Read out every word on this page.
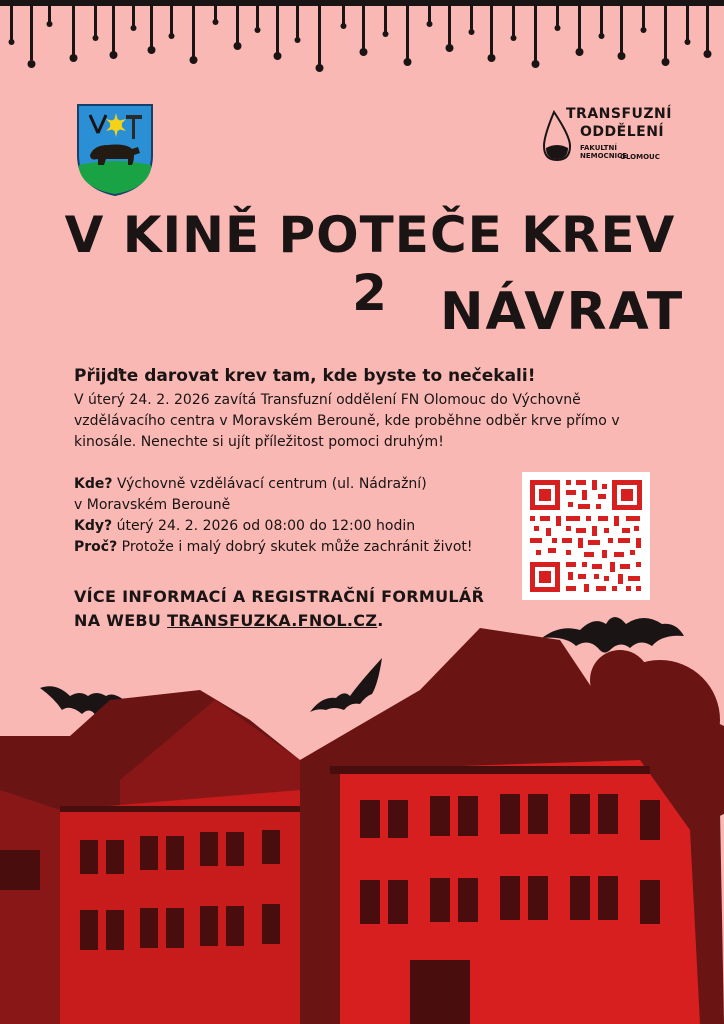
TRANSFUZNÍ
ODDĚLENÍ
FAKULTNÍ NEMOCNICE
OLOMOUC
V KINĚ POTEČE KREV 2	NÁVRAT
Přijďte darovat krev tam, kde byste to nečekali!
V úterý 24. 2. 2026 zavítá Transfuzní oddělení FN Olomouc do Výchovně vzdělávacího centra v Moravském Berouně, kde proběhne odběr krve přímo v kinosále. Nenechte si ujít příležitost pomoci druhým!
Kde? Výchovně vzdělávací centrum (ul. Nádražní)
v Moravském Berouně
Kdy? úterý 24. 2. 2026 od 08:00 do 12:00 hodin
Proč? Protože i malý dobrý skutek může zachránit život!
VÍCE INFORMACÍ A REGISTRAČNÍ FORMULÁŘ
NA WEBU TRANSFUZKA.FNOL.CZ.
